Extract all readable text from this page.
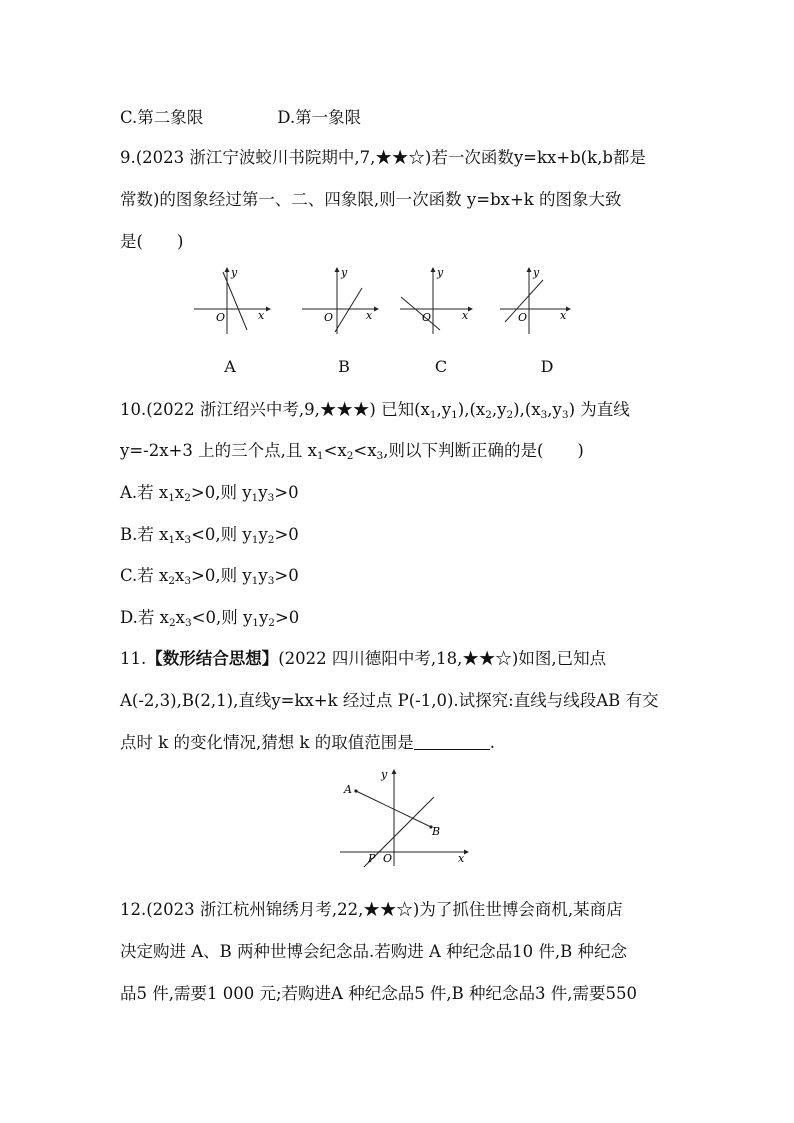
C.第二象限	D.第一象限
9.(2023 浙江宁波蛟川书院期中,7,★★☆)若一次函数y=kx+b(k,b都是
常数)的图象经过第一、二、四象限,则一次函数 y=bx+k 的图象大致
是( )
y
x
O
A
y
x
O
B
y
x
O
C
y
x
O
D
10.(2022 浙江绍兴中考,9,★★★) 已知$(x_1,y_1),(x_2,y_2),(x_3,y_3)$ 为直线
y=-2x+3 上的三个点,且 $x_1<x_2<x_3$,则以下判断正确的是( )
A.若 $x_1x_2>0$,则 $y_1y_3>0$
B.若 $x_1x_3<0$,则 $y_1y_2>0$
C.若 $x_2x_3>0$,则 $y_1y_3>0$
D.若 $x_2x_3<0$,则 $y_1y_2>0$
11.【数形结合思想】(2022 四川德阳中考,18,★★☆)如图,已知点
A(-2,3),B(2,1),直线y=kx+k 经过点 P(-1,0).试探究:直线与线段AB 有交
点时 k 的变化情况,猜想 k 的取值范围是	.
y
x
A
B
P O
12.(2023 浙江杭州锦绣月考,22,★★☆)为了抓住世博会商机,某商店
决定购进 A、B 两种世博会纪念品.若购进 A 种纪念品10 件,B 种纪念
品5 件,需要1 000 元;若购进A 种纪念品5 件,B 种纪念品3 件,需要550
